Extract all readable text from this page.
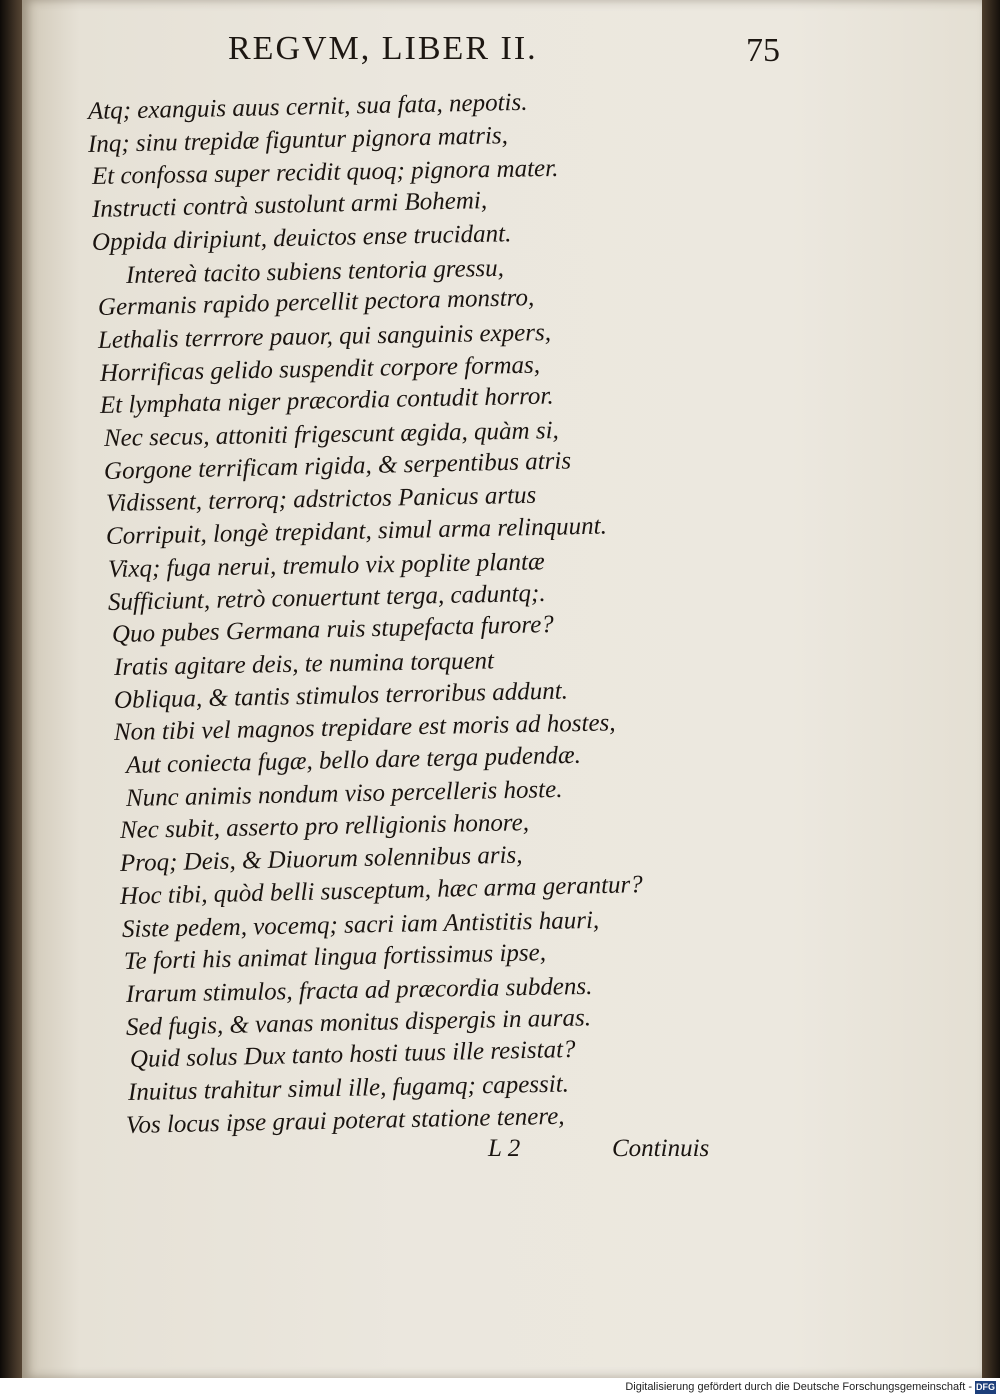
REGVM, LIBER II.	75
Atq; exanguis auus cernit, sua fata, nepotis.
Inq; sinu trepidæ figuntur pignora matris,
Et confossa super recidit quoq; pignora mater.
Instructi contrà sustolunt armi Bohemi,
Oppida diripiunt, deuictos ense trucidant.
Intereà tacito subiens tentoria gressu,
Germanis rapido percellit pectora monstro,
Lethalis terrrore pauor, qui sanguinis expers,
Horrificas gelido suspendit corpore formas,
Et lymphata niger præcordia contudit horror.
Nec secus, attoniti frigescunt ægida, quàm si,
Gorgone terrificam rigida, & serpentibus atris
Vidissent, terrorq; adstrictos Panicus artus
Corripuit, longè trepidant, simul arma relinquunt.
Vixq; fuga nerui, tremulo vix poplite plantæ
Sufficiunt, retrò conuertunt terga, caduntq;.
Quo pubes Germana ruis stupefacta furore?
Iratis agitare deis, te numina torquent
Obliqua, & tantis stimulos terroribus addunt.
Non tibi vel magnos trepidare est moris ad hostes,
Aut coniecta fugæ, bello dare terga pudendæ.
Nunc animis nondum viso percelleris hoste.
Nec subit, asserto pro relligionis honore,
Proq; Deis, & Diuorum solennibus aris,
Hoc tibi, quòd belli susceptum, hæc arma gerantur?
Siste pedem, vocemq; sacri iam Antistitis hauri,
Te forti his animat lingua fortissimus ipse,
Irarum stimulos, fracta ad præcordia subdens.
Sed fugis, & vanas monitus dispergis in auras.
Quid solus Dux tanto hosti tuus ille resistat?
Inuitus trahitur simul ille, fugamq; capessit.
Vos locus ipse graui poterat statione tenere,
L 2	Continuis
Digitalisierung gefördert durch die Deutsche Forschungsgemeinschaft - DFG
